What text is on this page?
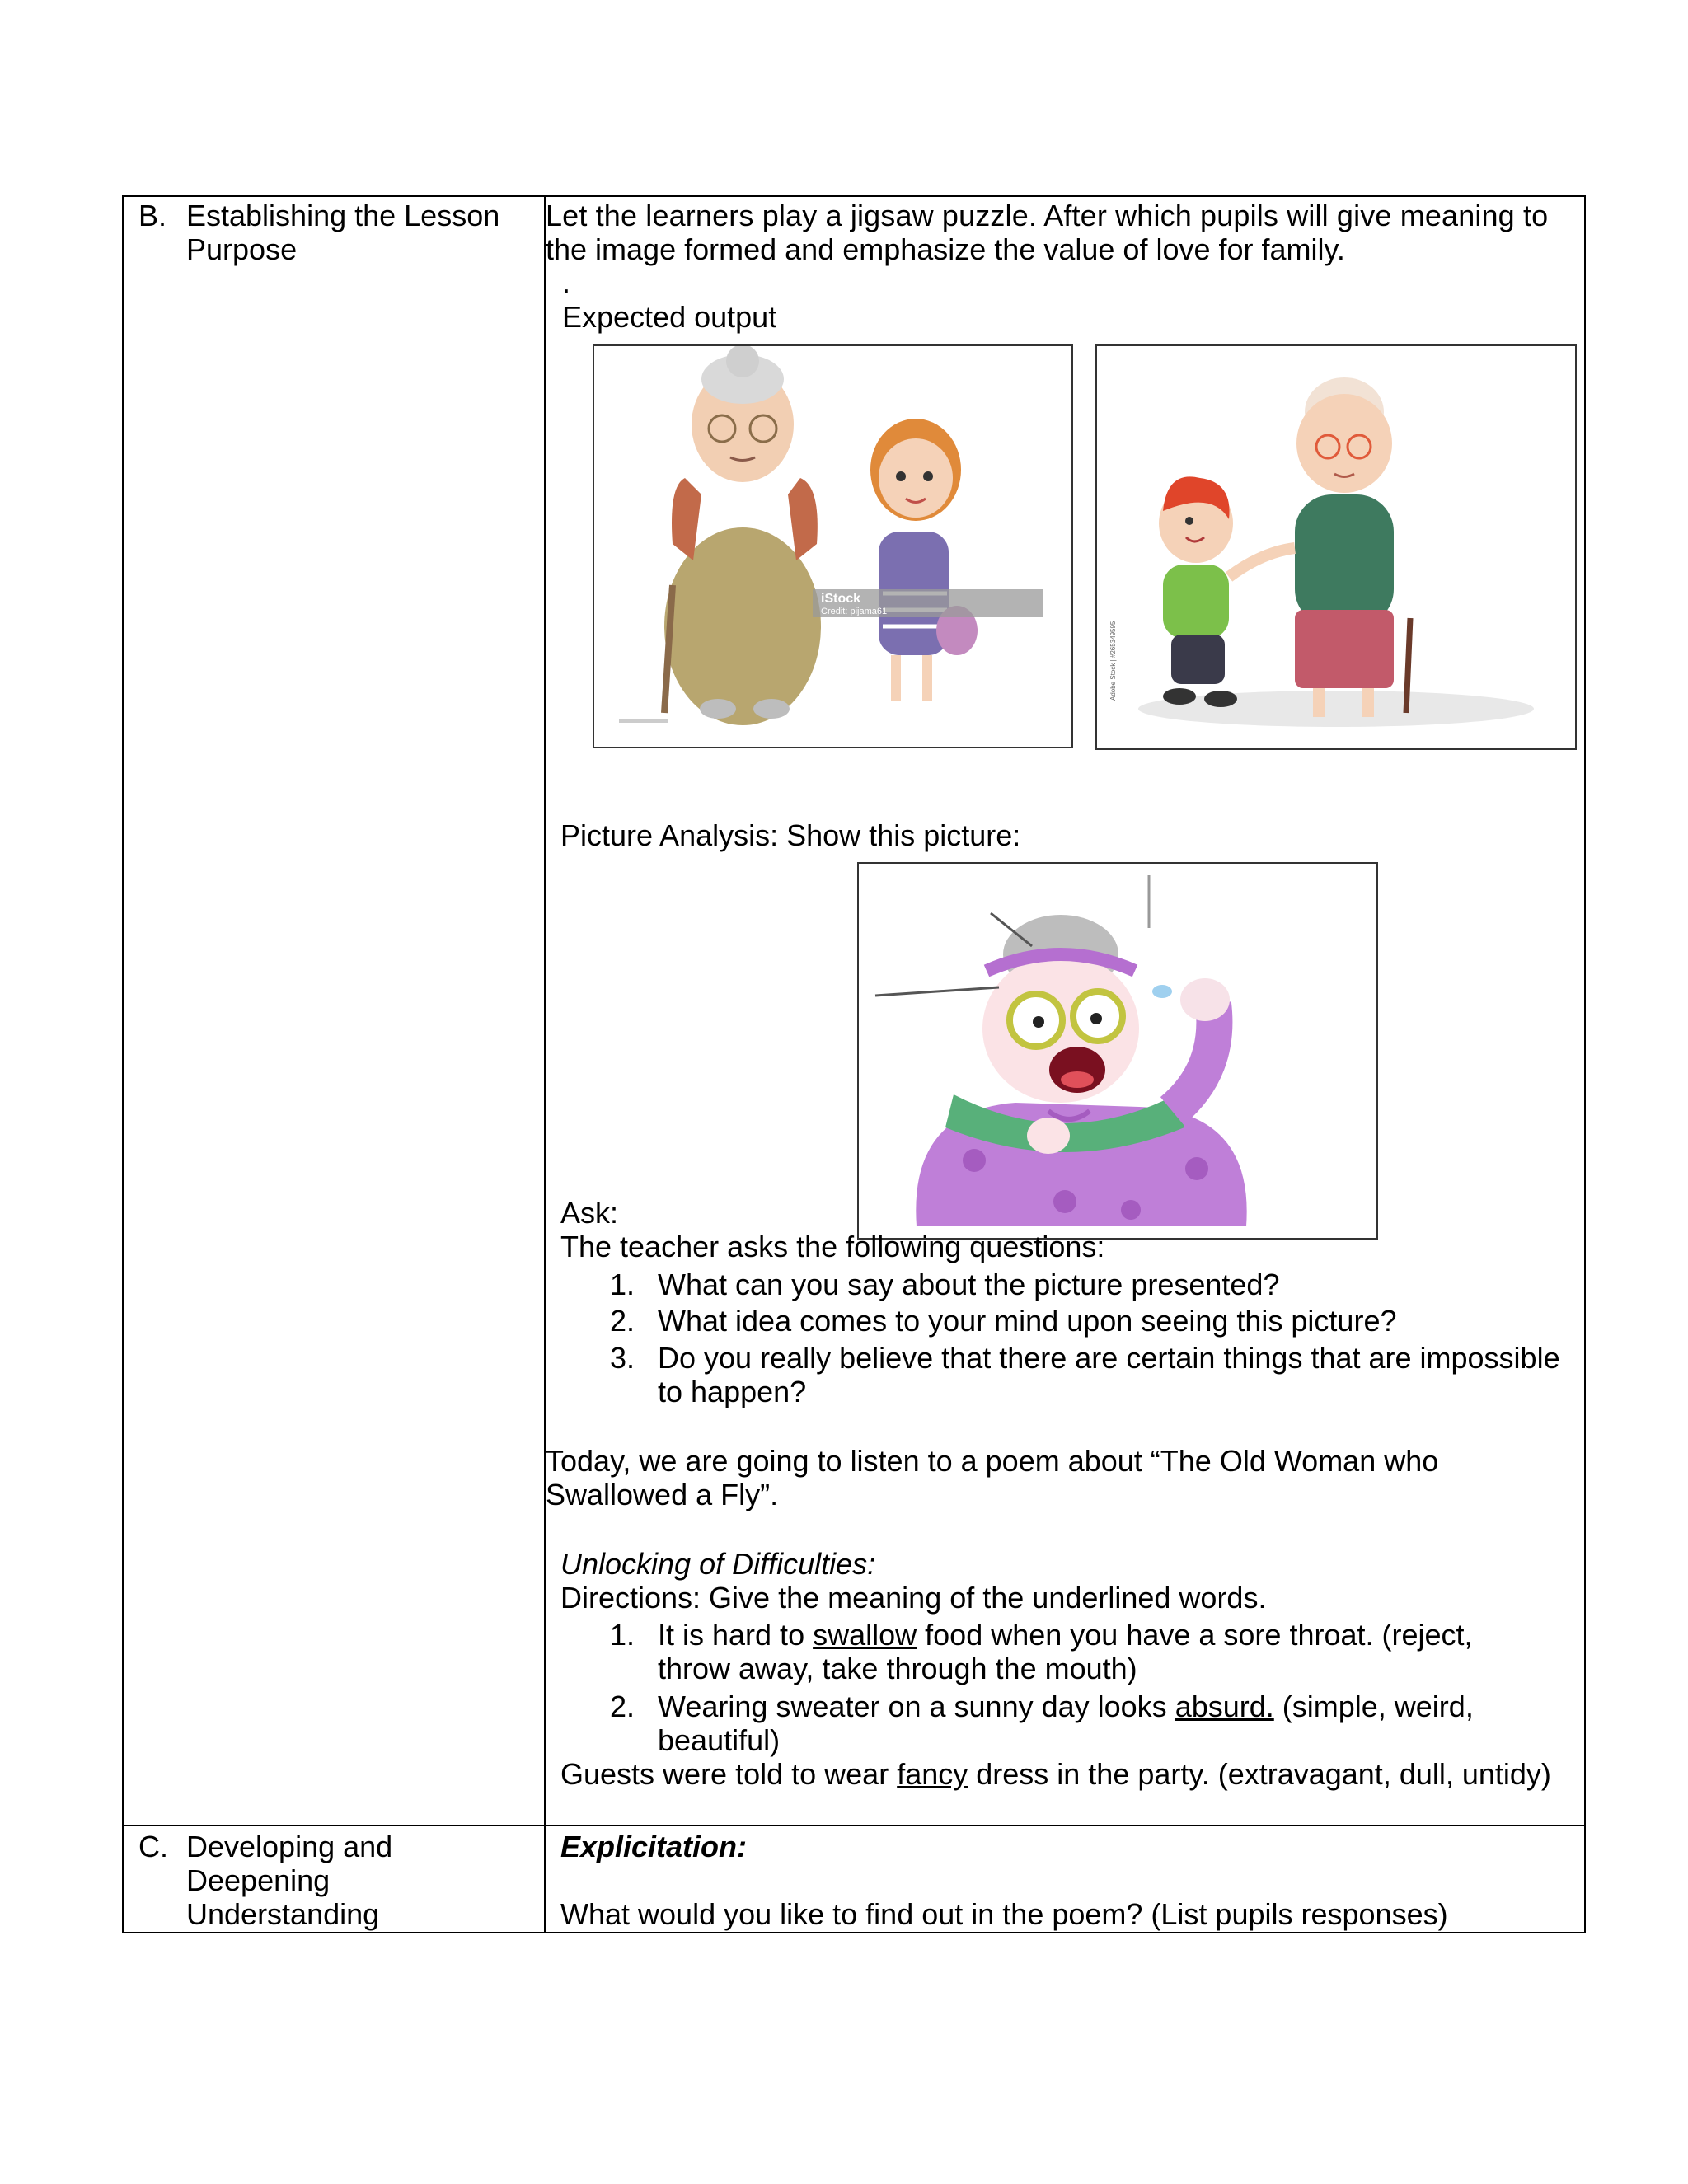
B. Establishing the Lesson
Purpose
Let the learners play a jigsaw puzzle. After which pupils will give meaning to
the image formed and emphasize the value of love for family.
.
Expected output
iStock
Credit: pijama61
Adobe Stock | #265349595
Picture Analysis: Show this picture:
Ask:
The teacher asks the following questions:
1. What can you say about the picture presented?
2. What idea comes to your mind upon seeing this picture?
3. Do you really believe that there are certain things that are impossible
to happen?
Today, we are going to listen to a poem about “The Old Woman who
Swallowed a Fly”.
Unlocking of Difficulties:
Directions: Give the meaning of the underlined words.
1. It is hard to swallow food when you have a sore throat. (reject,
throw away, take through the mouth)
2. Wearing sweater on a sunny day looks absurd. (simple, weird,
beautiful)
Guests were told to wear fancy dress in the party. (extravagant, dull, untidy)
C. Developing and
Deepening
Understanding
Explicitation:
What would you like to find out in the poem? (List pupils responses)
